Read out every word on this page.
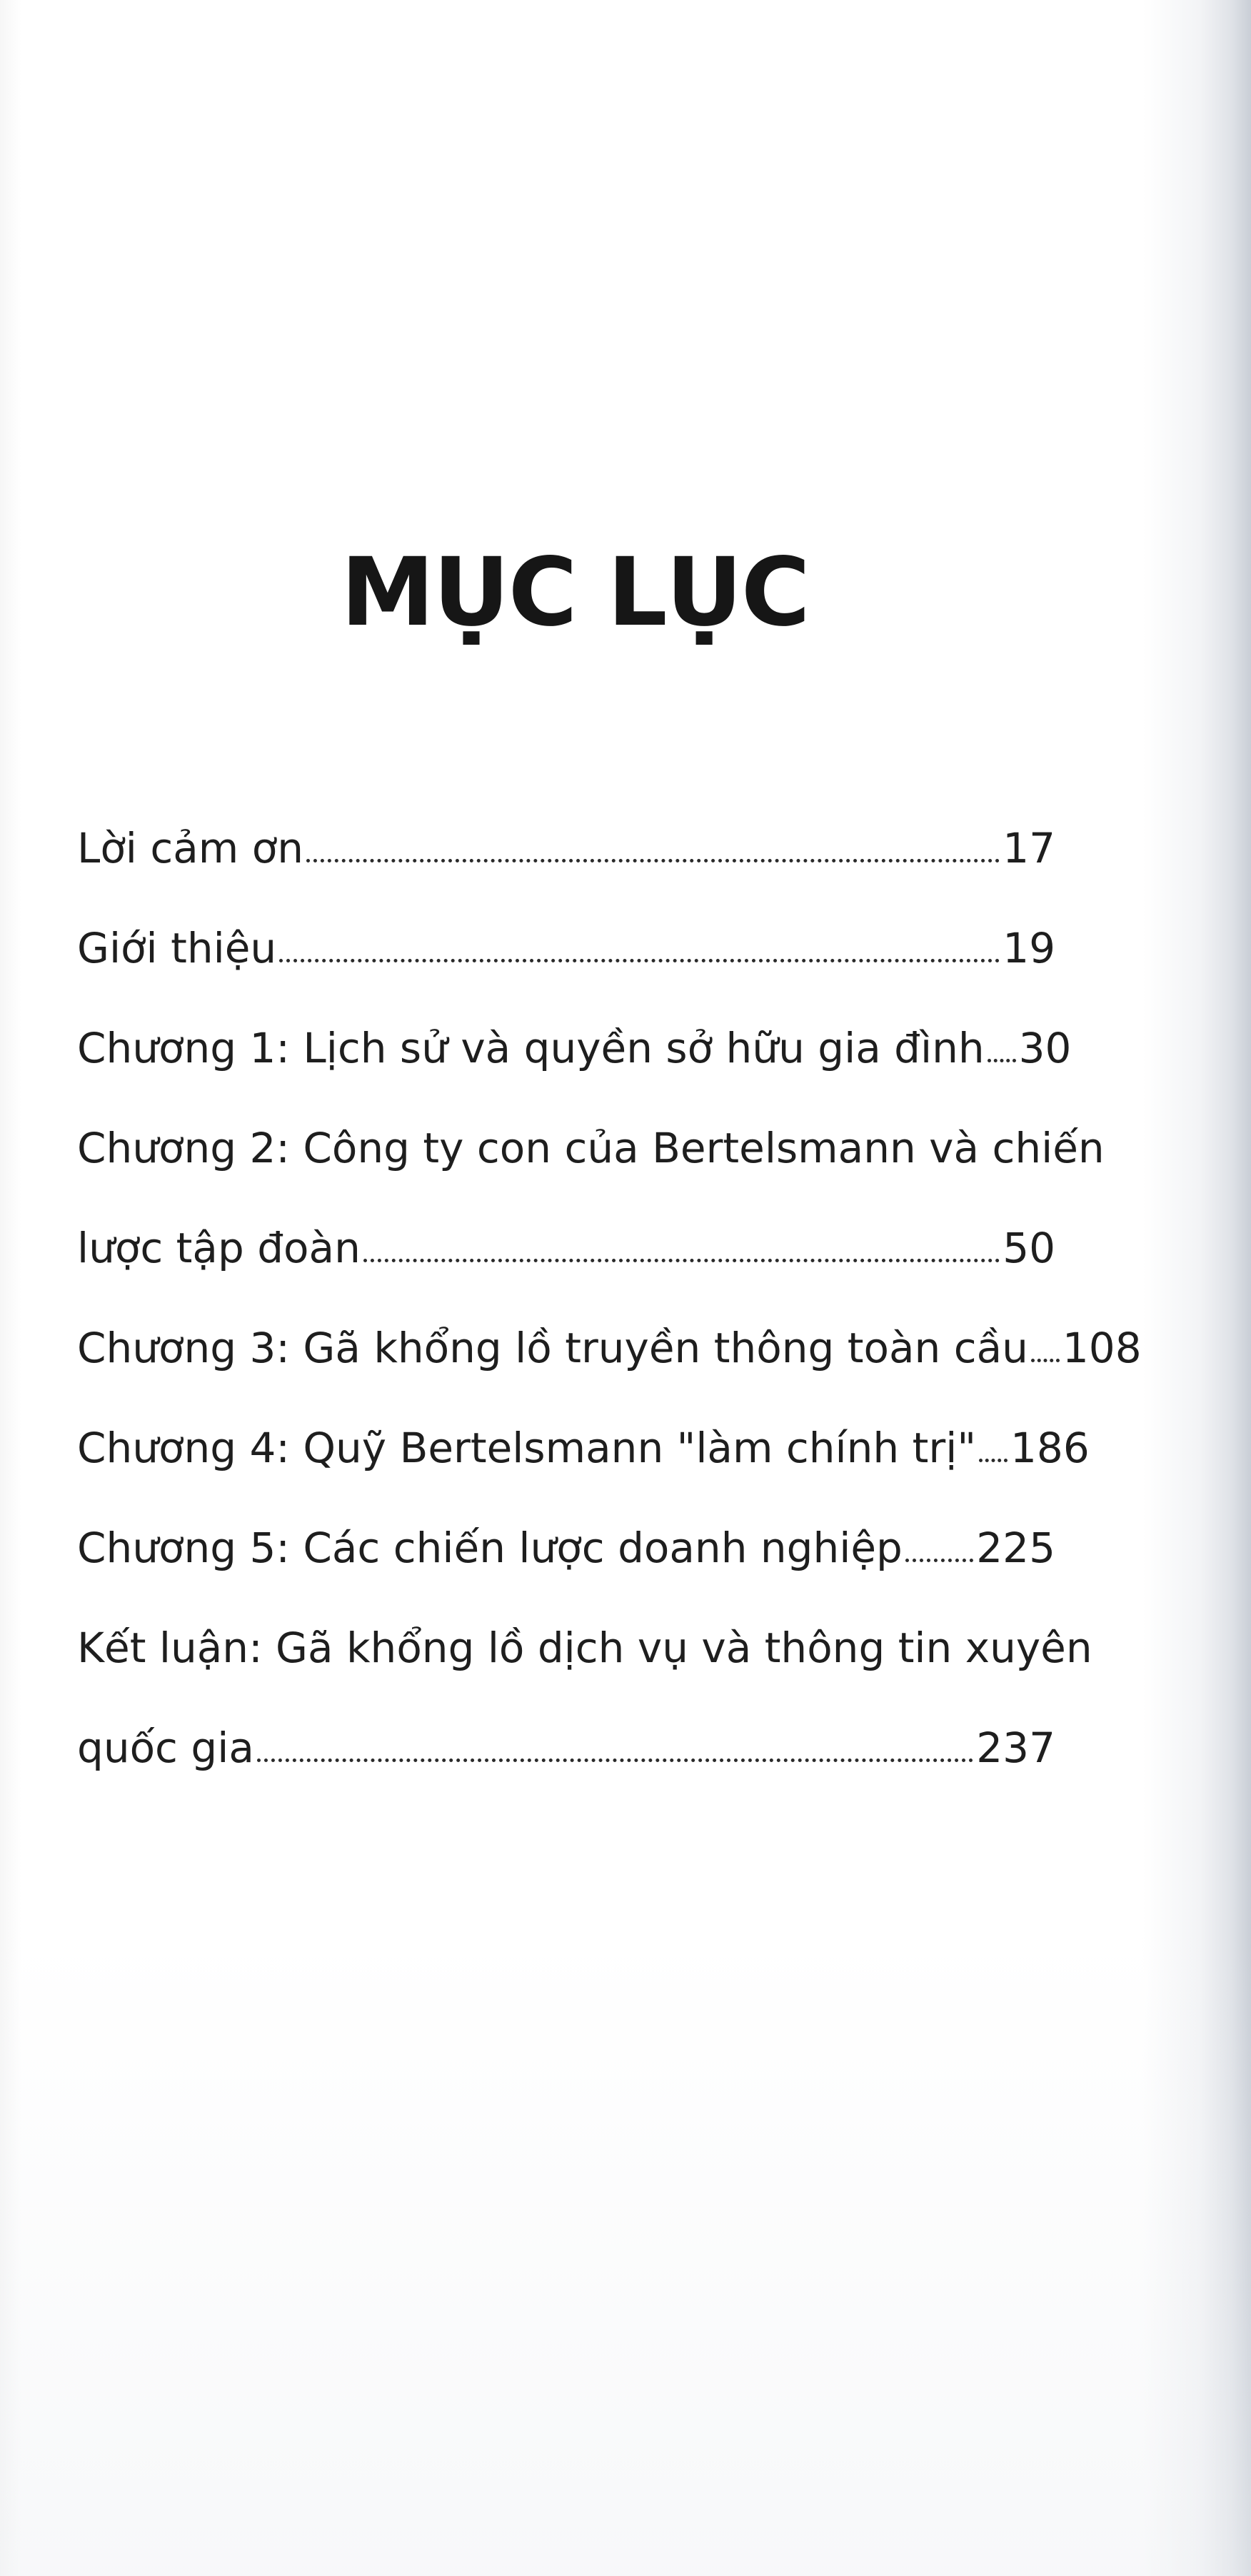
MỤC LỤC
Lời cảm ơn	17
Giới thiệu	19
Chương 1: Lịch sử và quyền sở hữu gia đình 30
Chương 2: Công ty con của Bertelsmann và chiến
lược tập đoàn	50
Chương 3: Gã khổng lồ truyền thông toàn cầu 108
Chương 4: Quỹ Bertelsmann "làm chính trị" 186
Chương 5: Các chiến lược doanh nghiệp 225
Kết luận: Gã khổng lồ dịch vụ và thông tin xuyên
quốc gia	237
